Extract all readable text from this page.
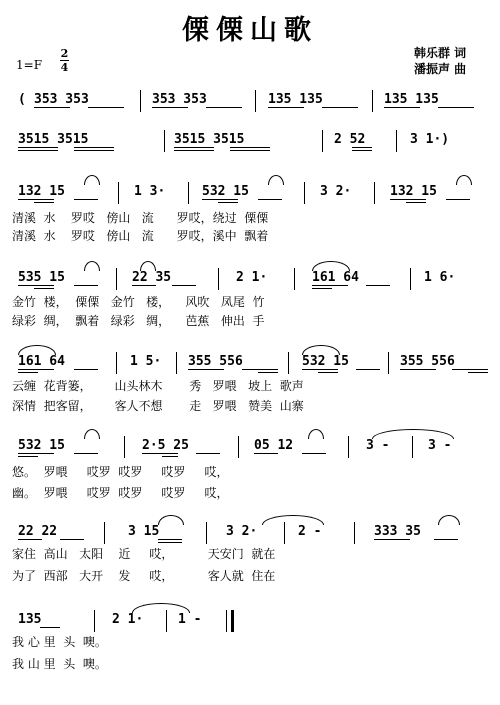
傈傈山歌
1=F
2
4
韩乐群 词
潘振声 曲
( 353 353	353 353	135 135	135 135
3515 3515	3515 3515	2 52	3 1·)
132 15	1 3·	532 15	3 2·	132 15
清溪  水    罗哎   傍山   流      罗哎，绕过  傈傈
清溪  水    罗哎   傍山   流      罗哎，溪中  飘着
535 15	22 35	2 1·	161 64	1 6·
金竹  楼，  傈傈   金竹   楼，    风吹   凤尾  竹
绿彩  绸，  飘着   绿彩   绸，    芭蕉   伸出  手
161 64	1 5· 355 556	532 15	355 556
云缠  花背篓，      山头林木       秀   罗喂   坡上  歌声
深情  把客留，      客人不想       走   罗喂   赞美  山寨
532 15	2·5 25	05 12	3 -	3 -
悠。  罗喂     哎罗  哎罗     哎罗     哎，
幽。  罗喂     哎罗  哎罗     哎罗     哎，
22 22	3 15	3 2·	2 -	333 35
家住  高山   太阳    近     哎，         天安门  就在
为了  西部   大开    发     哎，         客人就  住在
135	2 1·	1 -
我 心 里  头  噢。
我 山 里  头  噢。
